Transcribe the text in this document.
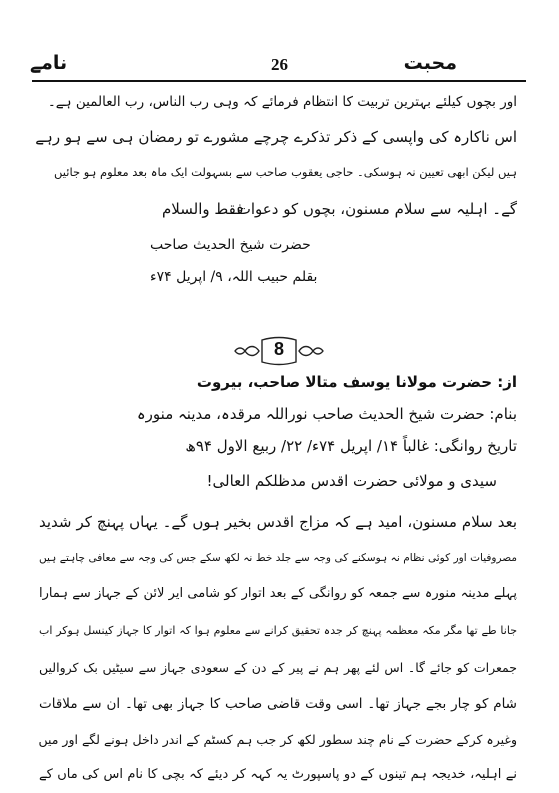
نامے	26	محبت
اور بچوں کیلئے بہترین تربیت کا انتظام فرمائے کہ وہی رب الناس، رب العالمین ہے۔
اس ناکارہ کی واپسی کے ذکر تذکرے چرچے مشورے تو رمضان ہی سے ہو رہے
ہیں لیکن ابھی تعیین نہ ہوسکی۔ حاجی یعقوب صاحب سے بسہولت ایک ماہ بعد معلوم ہو جائیں
گے۔ اہلیہ سے سلام مسنون، بچوں کو دعوات۔
فقط والسلام
حضرت شیخ الحدیث صاحب
بقلم حبیب اللہ، ۹/ اپریل ۷۴ء
8
از: حضرت مولانا یوسف متالا صاحب، بیروت
بنام: حضرت شیخ الحدیث صاحب نوراللہ مرقدہ، مدینہ منورہ
تاریخ روانگی: غالباً ۱۴/ اپریل ۷۴ء/ ۲۲/ ربیع الاول ۹۴ھ
سیدی و مولائی حضرت اقدس مدظلکم العالی!
بعد سلام مسنون، امید ہے کہ مزاج اقدس بخیر ہوں گے۔ یہاں پہنچ کر شدید
مصروفیات اور کوئی نظام نہ ہوسکنے کی وجہ سے جلد خط نہ لکھ سکے جس کی وجہ سے معافی چاہتے ہیں
پہلے مدینہ منورہ سے جمعہ کو روانگی کے بعد اتوار کو شامی ایر لائن کے جہاز سے ہمارا
جانا طے تھا مگر مکہ معظمہ پہنچ کر جدہ تحقیق کرانے سے معلوم ہوا کہ اتوار کا جہاز کینسل ہوکر اب
جمعرات کو جائے گا۔ اس لئے پھر ہم نے پیر کے دن کے سعودی جہاز سے سیٹیں بک کروالیں
شام کو چار بجے جہاز تھا۔ اسی وقت قاضی صاحب کا جہاز بھی تھا۔ ان سے ملاقات
وغیرہ کرکے حضرت کے نام چند سطور لکھ کر جب ہم کسٹم کے اندر داخل ہونے لگے اور میں
نے اہلیہ، خدیجہ ہم تینوں کے دو پاسپورٹ یہ کہہ کر دیئے کہ بچی کا نام اس کی ماں کے
